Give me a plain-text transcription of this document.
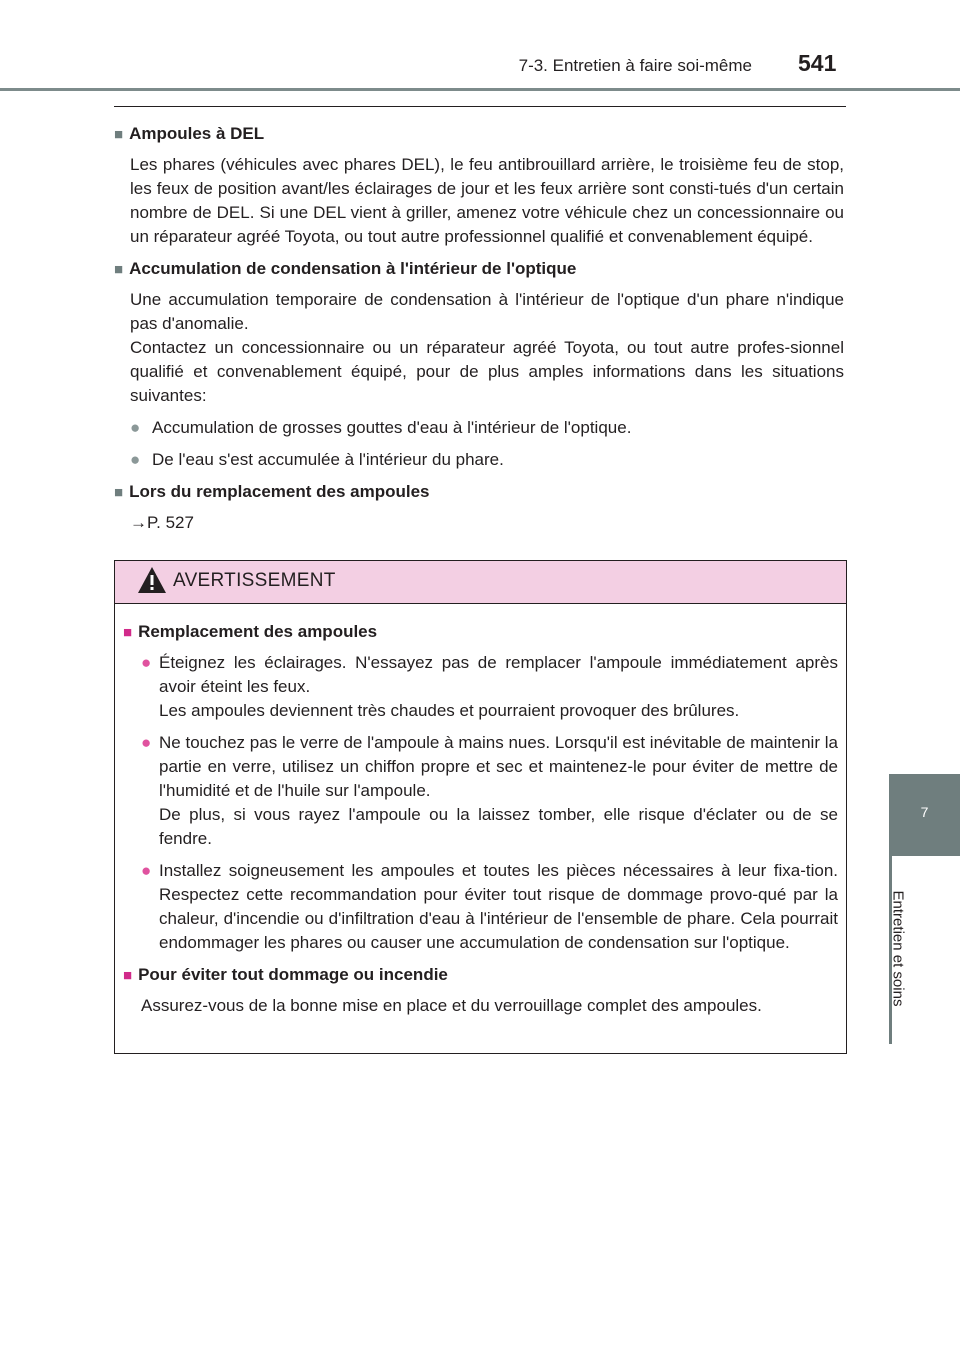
7-3. Entretien à faire soi-même 541
7
Entretien et soins
■ Ampoules à DEL
Les phares (véhicules avec phares DEL), le feu antibrouillard arrière, le troisième feu de stop, les feux de position avant/les éclairages de jour et les feux arrière sont consti-tués d'un certain nombre de DEL. Si une DEL vient à griller, amenez votre véhicule chez un concessionnaire ou un réparateur agréé Toyota, ou tout autre professionnel qualifié et convenablement équipé.
■ Accumulation de condensation à l'intérieur de l'optique
Une accumulation temporaire de condensation à l'intérieur de l'optique d'un phare n'indique pas d'anomalie.
Contactez un concessionnaire ou un réparateur agréé Toyota, ou tout autre profes-sionnel qualifié et convenablement équipé, pour de plus amples informations dans les situations suivantes:
● Accumulation de grosses gouttes d'eau à l'intérieur de l'optique.
● De l'eau s'est accumulée à l'intérieur du phare.
■ Lors du remplacement des ampoules
→P. 527
AVERTISSEMENT
■ Remplacement des ampoules
● Éteignez les éclairages. N'essayez pas de remplacer l'ampoule immédiatement après avoir éteint les feux.
Les ampoules deviennent très chaudes et pourraient provoquer des brûlures.
● Ne touchez pas le verre de l'ampoule à mains nues. Lorsqu'il est inévitable de maintenir la partie en verre, utilisez un chiffon propre et sec et maintenez-le pour éviter de mettre de l'humidité et de l'huile sur l'ampoule.
De plus, si vous rayez l'ampoule ou la laissez tomber, elle risque d'éclater ou de se fendre.
● Installez soigneusement les ampoules et toutes les pièces nécessaires à leur fixa-tion. Respectez cette recommandation pour éviter tout risque de dommage provo-qué par la chaleur, d'incendie ou d'infiltration d'eau à l'intérieur de l'ensemble de phare. Cela pourrait endommager les phares ou causer une accumulation de condensation sur l'optique.
■ Pour éviter tout dommage ou incendie
Assurez-vous de la bonne mise en place et du verrouillage complet des ampoules.
